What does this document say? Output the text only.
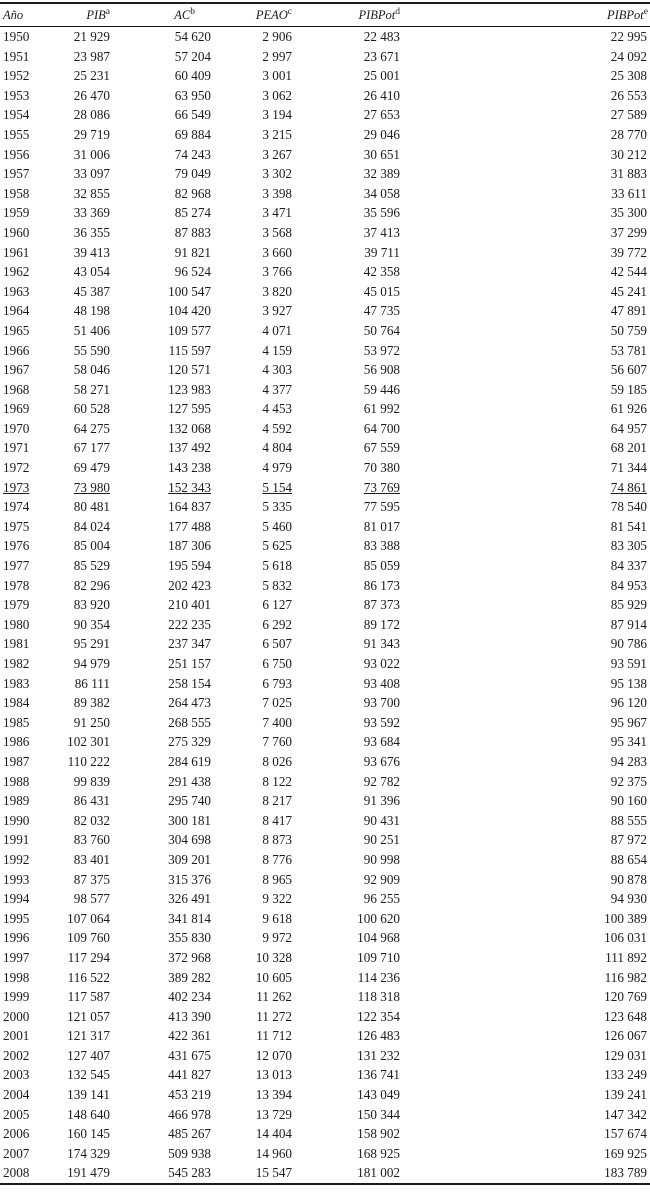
Año	PIB$^a$	$AC^b$	PEAO$^c$	PIBPot$^d$	PIBPot$^e$
1950	21 929	54 620	2 906	22 483	22 995
1951	23 987	57 204	2 997	23 671	24 092
1952	25 231	60 409	3 001	25 001	25 308
1953	26 470	63 950	3 062	26 410	26 553
1954	28 086	66 549	3 194	27 653	27 589
1955	29 719	69 884	3 215	29 046	28 770
1956	31 006	74 243	3 267	30 651	30 212
1957	33 097	79 049	3 302	32 389	31 883
1958	32 855	82 968	3 398	34 058	33 611
1959	33 369	85 274	3 471	35 596	35 300
1960	36 355	87 883	3 568	37 413	37 299
1961	39 413	91 821	3 660	39 711	39 772
1962	43 054	96 524	3 766	42 358	42 544
1963	45 387	100 547	3 820	45 015	45 241
1964	48 198	104 420	3 927	47 735	47 891
1965	51 406	109 577	4 071	50 764	50 759
1966	55 590	115 597	4 159	53 972	53 781
1967	58 046	120 571	4 303	56 908	56 607
1968	58 271	123 983	4 377	59 446	59 185
1969	60 528	127 595	4 453	61 992	61 926
1970	64 275	132 068	4 592	64 700	64 957
1971	67 177	137 492	4 804	67 559	68 201
1972	69 479	143 238	4 979	70 380	71 344
1973	73 980	152 343	5 154	73 769	74 861
1974	80 481	164 837	5 335	77 595	78 540
1975	84 024	177 488	5 460	81 017	81 541
1976	85 004	187 306	5 625	83 388	83 305
1977	85 529	195 594	5 618	85 059	84 337
1978	82 296	202 423	5 832	86 173	84 953
1979	83 920	210 401	6 127	87 373	85 929
1980	90 354	222 235	6 292	89 172	87 914
1981	95 291	237 347	6 507	91 343	90 786
1982	94 979	251 157	6 750	93 022	93 591
1983	86 111	258 154	6 793	93 408	95 138
1984	89 382	264 473	7 025	93 700	96 120
1985	91 250	268 555	7 400	93 592	95 967
1986	102 301	275 329	7 760	93 684	95 341
1987	110 222	284 619	8 026	93 676	94 283
1988	99 839	291 438	8 122	92 782	92 375
1989	86 431	295 740	8 217	91 396	90 160
1990	82 032	300 181	8 417	90 431	88 555
1991	83 760	304 698	8 873	90 251	87 972
1992	83 401	309 201	8 776	90 998	88 654
1993	87 375	315 376	8 965	92 909	90 878
1994	98 577	326 491	9 322	96 255	94 930
1995	107 064	341 814	9 618	100 620	100 389
1996	109 760	355 830	9 972	104 968	106 031
1997	117 294	372 968	10 328	109 710	111 892
1998	116 522	389 282	10 605	114 236	116 982
1999	117 587	402 234	11 262	118 318	120 769
2000	121 057	413 390	11 272	122 354	123 648
2001	121 317	422 361	11 712	126 483	126 067
2002	127 407	431 675	12 070	131 232	129 031
2003	132 545	441 827	13 013	136 741	133 249
2004	139 141	453 219	13 394	143 049	139 241
2005	148 640	466 978	13 729	150 344	147 342
2006	160 145	485 267	14 404	158 902	157 674
2007	174 329	509 938	14 960	168 925	169 925
2008	191 479	545 283	15 547	181 002	183 789
